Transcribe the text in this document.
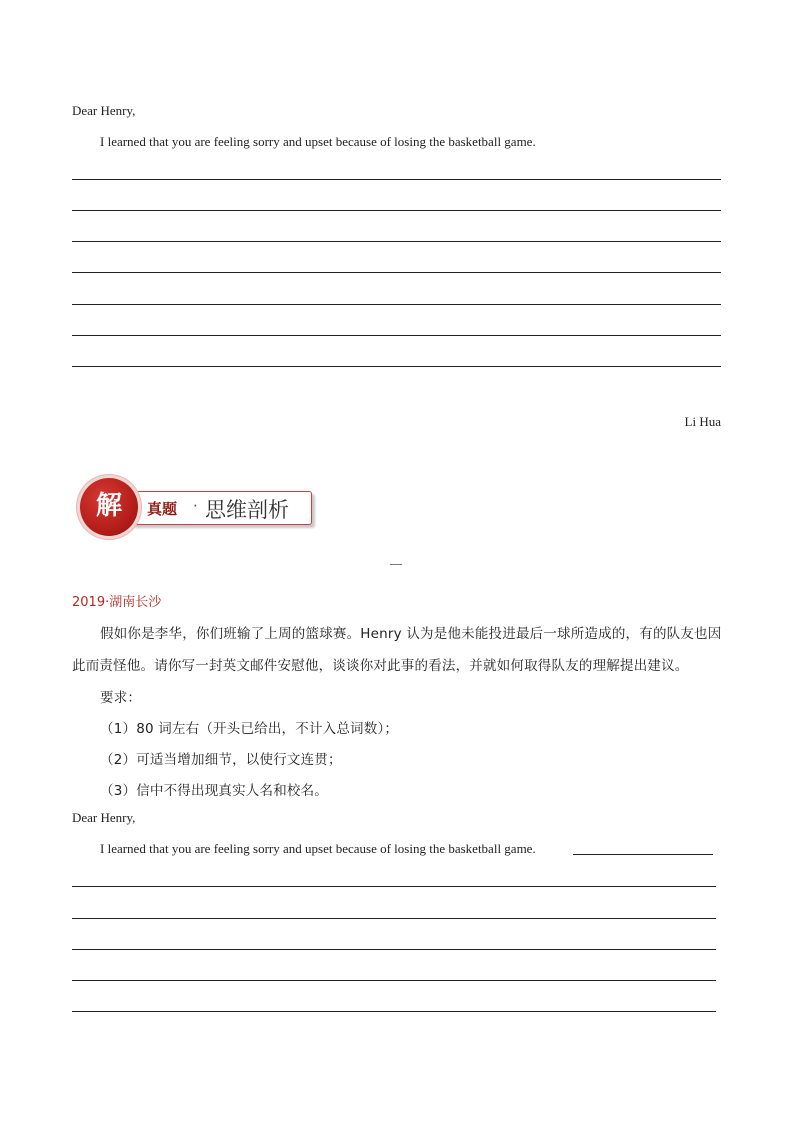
Dear Henry,
I learned that you are feeling sorry and upset because of losing the basketball game.
Li Hua
真题 · 思维剖析
解
—
2019·湖南长沙
假如你是李华，你们班输了上周的篮球赛。Henry 认为是他未能投进最后一球所造成的，有的队友也因
此而责怪他。请你写一封英文邮件安慰他，谈谈你对此事的看法，并就如何取得队友的理解提出建议。
要求：
（1）80 词左右（开头已给出，不计入总词数）；
（2）可适当增加细节，以使行文连贯；
（3）信中不得出现真实人名和校名。
Dear Henry,
I learned that you are feeling sorry and upset because of losing the basketball game.
